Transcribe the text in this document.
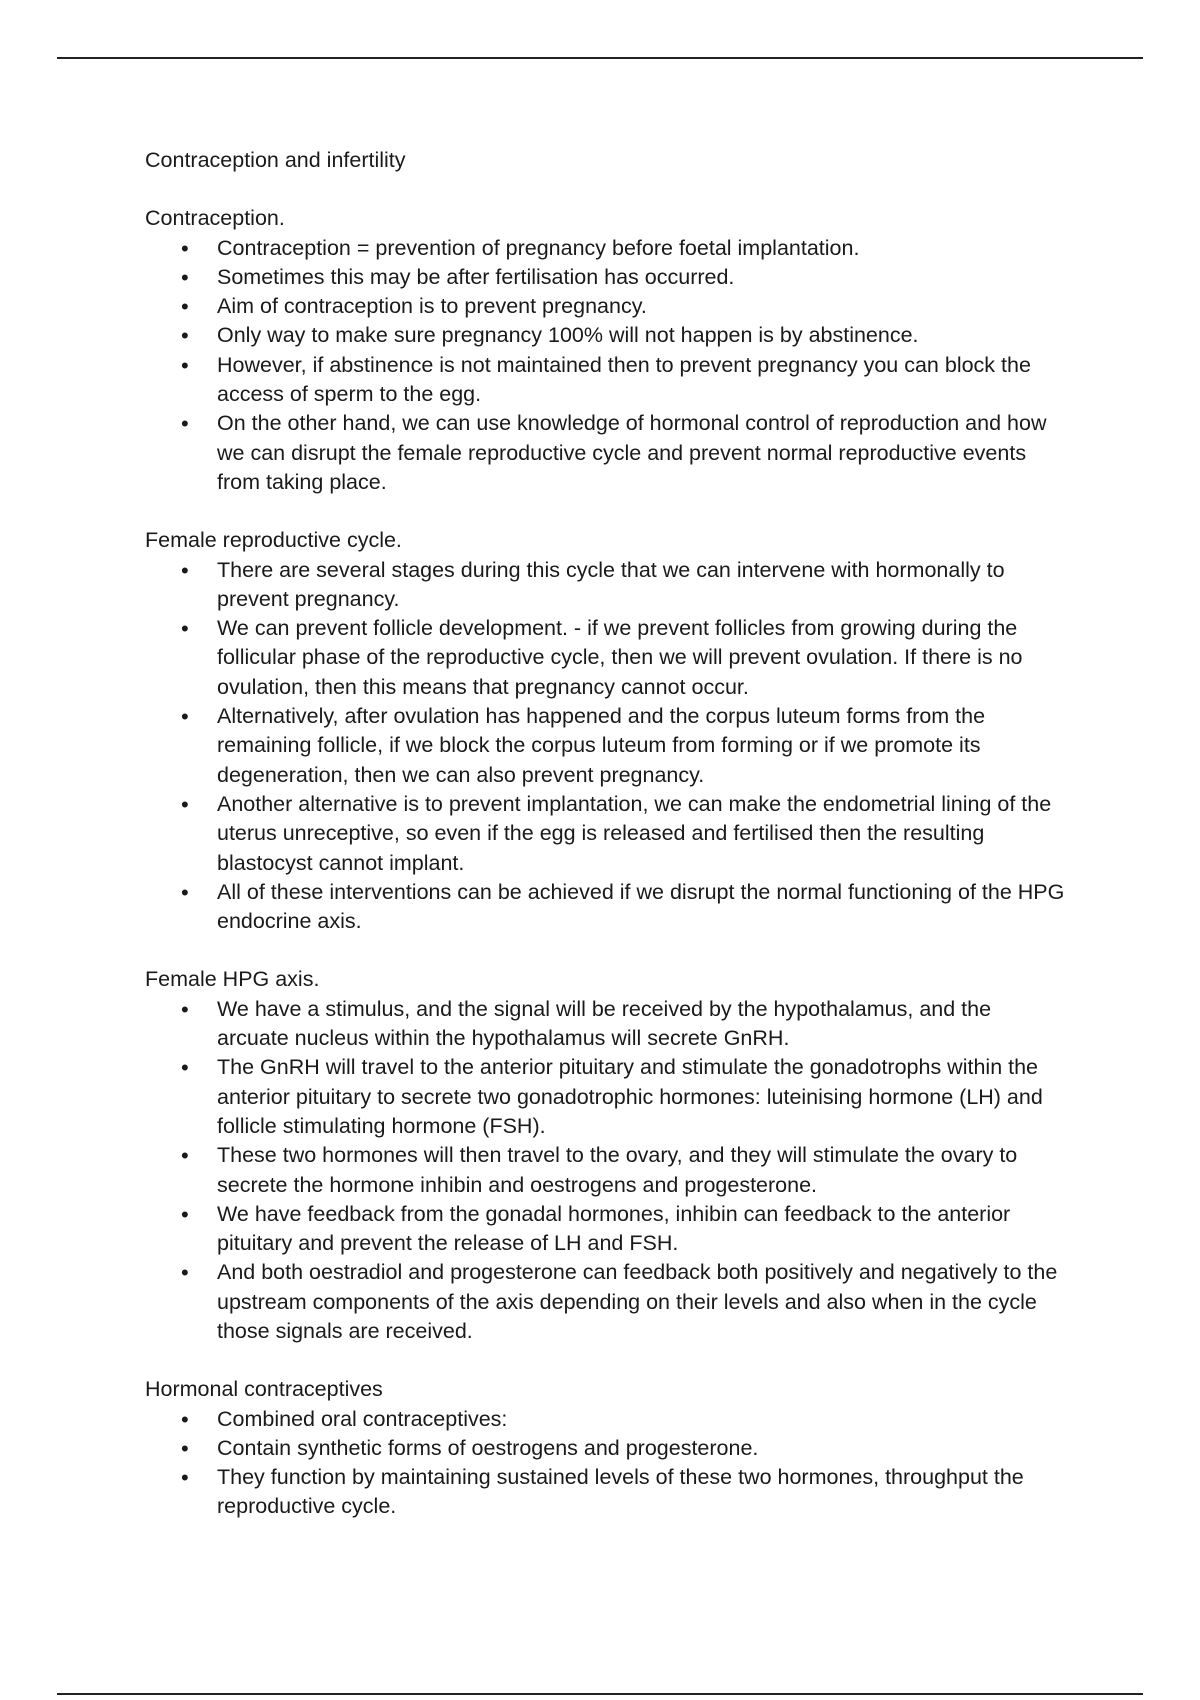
Contraception and infertility
Contraception.
• Contraception = prevention of pregnancy before foetal implantation.
• Sometimes this may be after fertilisation has occurred.
• Aim of contraception is to prevent pregnancy.
• Only way to make sure pregnancy 100% will not happen is by abstinence.
• However, if abstinence is not maintained then to prevent pregnancy you can block the access of sperm to the egg.
• On the other hand, we can use knowledge of hormonal control of reproduction and how we can disrupt the female reproductive cycle and prevent normal reproductive events from taking place.
Female reproductive cycle.
• There are several stages during this cycle that we can intervene with hormonally to prevent pregnancy.
• We can prevent follicle development. - if we prevent follicles from growing during the follicular phase of the reproductive cycle, then we will prevent ovulation. If there is no ovulation, then this means that pregnancy cannot occur.
• Alternatively, after ovulation has happened and the corpus luteum forms from the remaining follicle, if we block the corpus luteum from forming or if we promote its degeneration, then we can also prevent pregnancy.
• Another alternative is to prevent implantation, we can make the endometrial lining of the uterus unreceptive, so even if the egg is released and fertilised then the resulting blastocyst cannot implant.
• All of these interventions can be achieved if we disrupt the normal functioning of the HPG endocrine axis.
Female HPG axis.
• We have a stimulus, and the signal will be received by the hypothalamus, and the arcuate nucleus within the hypothalamus will secrete GnRH.
• The GnRH will travel to the anterior pituitary and stimulate the gonadotrophs within the anterior pituitary to secrete two gonadotrophic hormones: luteinising hormone (LH) and follicle stimulating hormone (FSH).
• These two hormones will then travel to the ovary, and they will stimulate the ovary to secrete the hormone inhibin and oestrogens and progesterone.
• We have feedback from the gonadal hormones, inhibin can feedback to the anterior pituitary and prevent the release of LH and FSH.
• And both oestradiol and progesterone can feedback both positively and negatively to the upstream components of the axis depending on their levels and also when in the cycle those signals are received.
Hormonal contraceptives
• Combined oral contraceptives:
• Contain synthetic forms of oestrogens and progesterone.
• They function by maintaining sustained levels of these two hormones, throughput the reproductive cycle.
